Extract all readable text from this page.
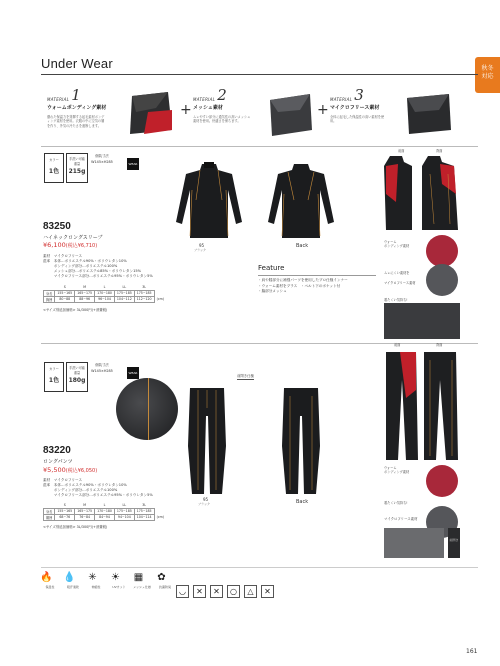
Under Wear	秋冬
対応
MATERIAL 1
ウォームボンディング素材
優れた保温力を発揮する起毛素材ボンディング素材を使用。衣服の中に空気の層を作り、外気の冷たさを遮断します。
+
MATERIAL 2
メッシュ素材
ムレやすい部分に通気性の高いメッシュ素材を使用。快適さを保ちます。
+
MATERIAL 3
マイクロフリース素材
全体に起毛した保温性の高い素材を使用。
カラー
1色
手洗い可能
重量
215g
個装寸法
W145×H285	WEAR
83250
ハイネックロングスリーブ
¥6,100(税込¥6,710)
素材　マイクロフリース
混率　本体…ポリエステル90%・ポリウレタン10%
　　　ボンディング部分…ポリエステル100%
　　　メッシュ部分…ポリエステル85%・ポリウレタン15%
　　　マイクロフリース部分…ポリエステル95%・ポリウレタン5%
	S	M	L	LL	3L	
身長	155~165	165~175	170~180	175~185	175~185	
胸囲	80~88	88~96	96~104	104~112	112~120	(cm)
<サイズ別追加価格> 3L/300円(+消費税)
95
ブラック
Back
Feature
・肩や膝部分に補強パーツを使用したプロ仕様インナー
・ウォーム素材をプラス　・ベルト下のポケット付
・脇部分メッシュ
前面	背面
ウォーム
ボンディング素材
ムレにくい素材を
マイクロフリース素材
着たくい気持ち!
カラー
1色
手洗い可能
重量
180g
個装寸法
W145×H285	WEAR
83220
ロングパンツ
¥5,500(税込¥6,050)
素材　マイクロフリース
混率　本体…ポリエステル90%・ポリウレタン10%
　　　ボンディング部分…ポリエステル100%
　　　マイクロフリース部分…ポリエステル95%・ポリウレタン5%
	S	M	L	LL	3L	
身長	155~165	165~175	170~180	175~185	175~185	
胴囲	68~76	76~84	84~94	94~104	104~114	(cm)
<サイズ別追加価格> 3L/300円(+消費税)
前閉き仕様
95
ブラック	Back
前面	背面
ウォーム
ボンディング素材
着たくい気持ち!
マイクロフリース素材
前開き
🔥
保温性
💧
吸汗速乾
✳
伸縮性
☀
UVカット
▦
メッシュ仕様
✿
抗菌防臭	◡	✕	✕	○	△	✕
161
